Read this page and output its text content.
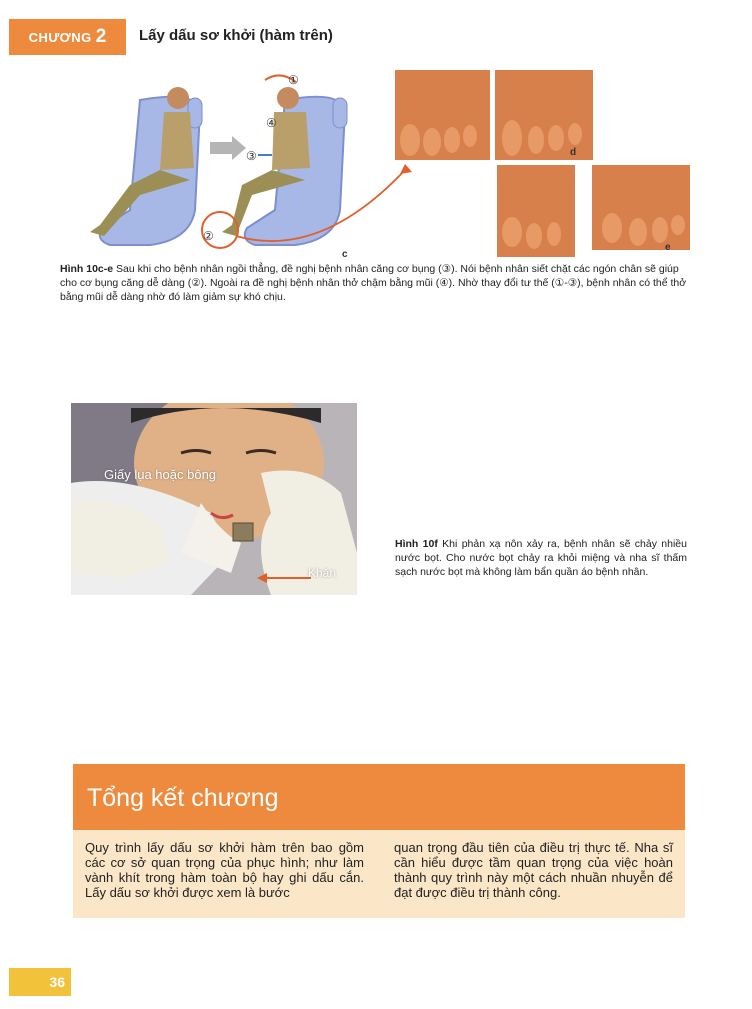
CHƯƠNG 2 Lấy dấu sơ khởi (hàm trên)
①
②
③
④
c
d
e
Hình 10c-e Sau khi cho bệnh nhân ngồi thẳng, đề nghị bệnh nhân căng cơ bụng (③). Nói bệnh nhân siết chặt các ngón chân sẽ giúp cho cơ bụng căng dễ dàng (②). Ngoài ra đề nghị bệnh nhân thở chậm bằng mũi (④). Nhờ thay đổi tư thế (①-③), bệnh nhân có thể thở bằng mũi dễ dàng nhờ đó làm giảm sự khó chịu.
Giấy lụa hoặc bông
Khăn
Hình 10f Khi phản xạ nôn xảy ra, bệnh nhân sẽ chảy nhiều nước bọt. Cho nước bọt chảy ra khỏi miệng và nha sĩ thấm sạch nước bọt mà không làm bẩn quần áo bệnh nhân.
Tổng kết chương
Quy trình lấy dấu sơ khởi hàm trên bao gồm các cơ sở quan trọng của phục hình; như làm vành khít trong hàm toàn bộ hay ghi dấu cắn. Lấy dấu sơ khởi được xem là bước
quan trọng đầu tiên của điều trị thực tế. Nha sĩ cần hiểu được tầm quan trọng của việc hoàn thành quy trình này một cách nhuần nhuyễn để đạt được điều trị thành công.
36
